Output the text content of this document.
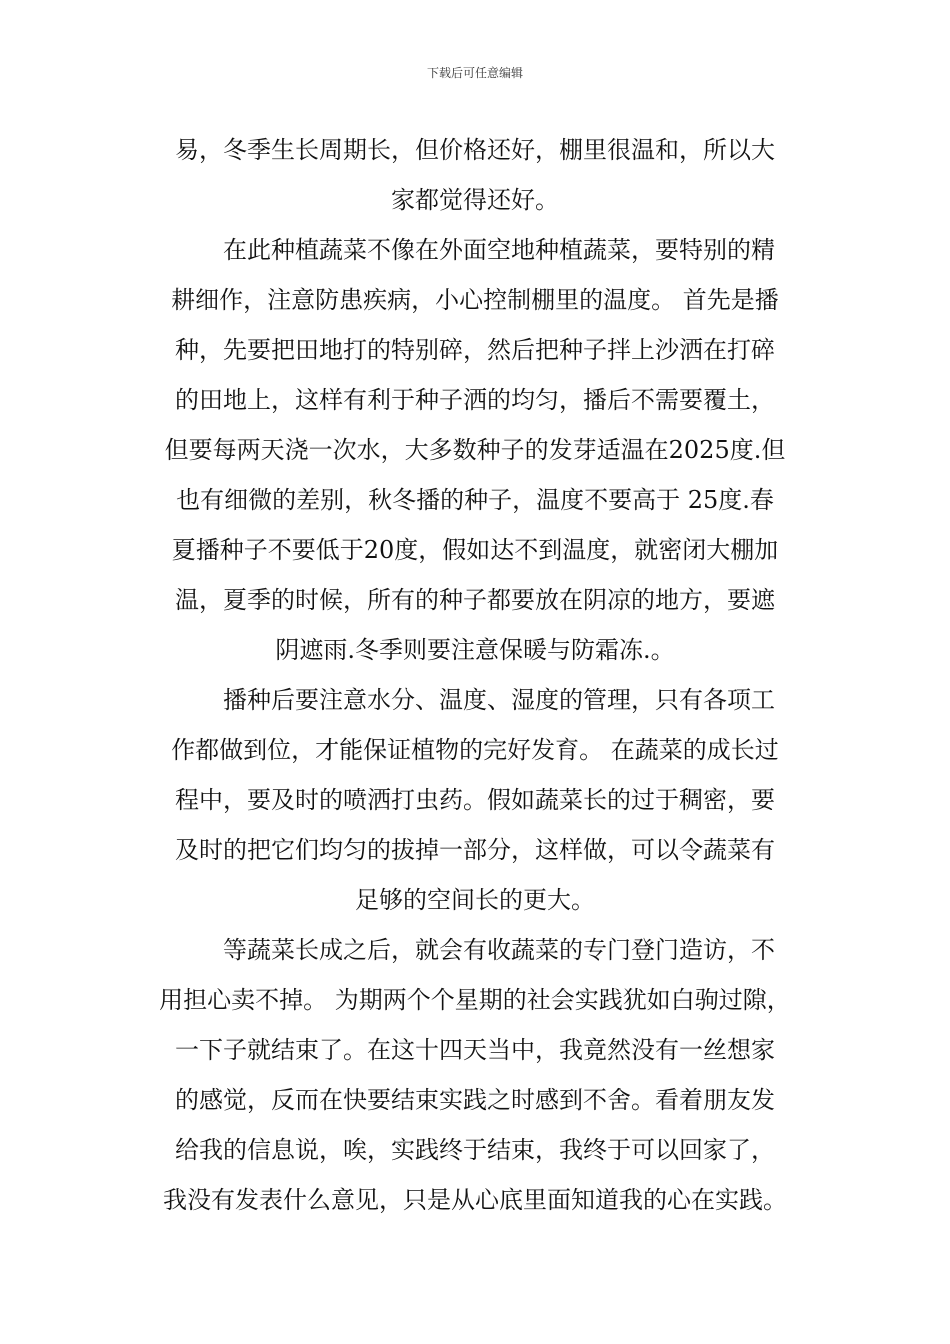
下载后可任意编辑
易，冬季生长周期长，但价格还好，棚里很温和，所以大
家都觉得还好。
　　在此种植蔬菜不像在外面空地种植蔬菜，要特别的精
耕细作，注意防患疾病，小心控制棚里的温度。 首先是播
种，先要把田地打的特别碎，然后把种子拌上沙洒在打碎
的田地上，这样有利于种子洒的均匀，播后不需要覆土，
但要每两天浇一次水，大多数种子的发芽适温在2025度.但
也有细微的差别，秋冬播的种子，温度不要高于 25度.春
夏播种子不要低于20度，假如达不到温度，就密闭大棚加
温，夏季的时候，所有的种子都要放在阴凉的地方，要遮
阴遮雨.冬季则要注意保暖与防霜冻.。
　　播种后要注意水分、温度、湿度的管理，只有各项工
作都做到位，才能保证植物的完好发育。 在蔬菜的成长过
程中，要及时的喷洒打虫药。假如蔬菜长的过于稠密，要
及时的把它们均匀的拔掉一部分，这样做，可以令蔬菜有
足够的空间长的更大。
　　等蔬菜长成之后，就会有收蔬菜的专门登门造访，不
用担心卖不掉。 为期两个个星期的社会实践犹如白驹过隙，
一下子就结束了。在这十四天当中，我竟然没有一丝想家
的感觉，反而在快要结束实践之时感到不舍。看着朋友发
给我的信息说，唉，实践终于结束，我终于可以回家了，
我没有发表什么意见，只是从心底里面知道我的心在实践。
